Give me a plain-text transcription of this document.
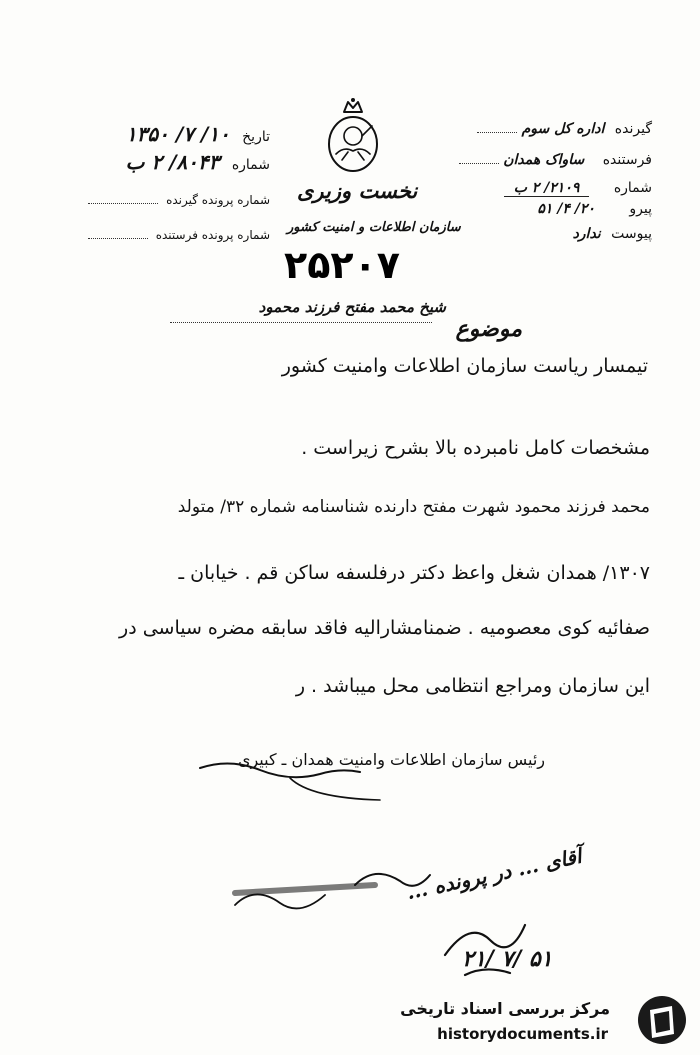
گیرنده اداره کل سوم
فرستنده ساواک همدان
شماره ۲۱۰۹/ ۲ ب
پیرو ۲۰/ ۴/ ۵۱
پیوست ندارد
نخست وزیری
سازمان اطلاعات و امنیت کشور
تاریخ ۱۰/ ۷/ ۱۳۵۰
شماره ۸۰۴۳/ ۲ ب
شماره پرونده گیرنده
شماره پرونده فرستنده
۲۵۲۰۷
موضوع
شیخ محمد مفتح فرزند محمود
تیمسار ریاست سازمان اطلاعات وامنیت کشور
مشخصات کامل نامبرده بالا بشرح زیراست .
محمد فرزند محمود شهرت مفتح دارنده شناسنامه شماره ۳۲/ متولد
۱۳۰۷/ همدان شغل واعظ دکتر درفلسفه ساکن قم . خیابان ـ
صفائیه کوی معصومیه . ضمنامشارالیه فاقد سابقه مضره سیاسی در
این سازمان ومراجع انتظامی محل میباشد . ر
رئیس سازمان اطلاعات وامنیت همدان ـ کبیری
آقای ... در پرونده ...
۲۱/ ۷/ ۵۱
مرکز بررسی اسناد تاریخی
historydocuments.ir
